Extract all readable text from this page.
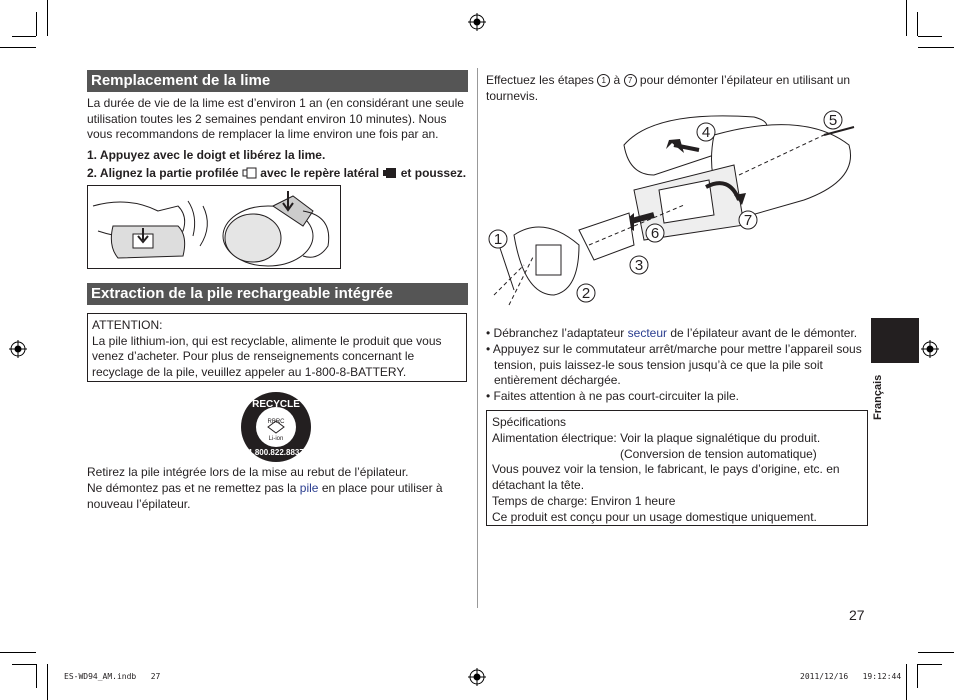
Remplacement de la lime
La durée de vie de la lime est d’environ 1 an (en considérant une seule utilisation toutes les 2 semaines pendant environ 10 minutes). Nous vous recommandons de remplacer la lime environ une fois par an.
1. Appuyez avec le doigt et libérez la lime.
2. Alignez la partie profilée avec le repère latéral et poussez.
Extraction de la pile rechargeable intégrée
ATTENTION:
La pile lithium-ion, qui est recyclable, alimente le produit que vous venez d’acheter. Pour plus de renseignements concernant le recyclage de la pile, veuillez appeler au 1-800-8-BATTERY.
RECYCLE
1.800.822.8837
RBRC
Li-ion
Retirez la pile intégrée lors de la mise au rebut de l’épilateur.
Ne démontez pas et ne remettez pas la pile en place pour utiliser à nouveau l’épilateur.
Effectuez les étapes 1 à 7 pour démonter l’épilateur en utilisant un tournevis.
1
2
3
4
5
6
7
• Débranchez l’adaptateur secteur de l’épilateur avant de le démonter.
• Appuyez sur le commutateur arrêt/marche pour mettre l’appareil sous tension, puis laissez-le sous tension jusqu’à ce que la pile soit entièrement déchargée.
• Faites attention à ne pas court-circuiter la pile.
Spécifications
Alimentation électrique: Voir la plaque signalétique du produit.
(Conversion de tension automatique)
Vous pouvez voir la tension, le fabricant, le pays d’origine, etc. en détachant la tête.
Temps de charge: Environ 1 heure
Ce produit est conçu pour un usage domestique uniquement.
Français
27
ES-WD94_AM.indb   27	2011/12/16   19:12:44
